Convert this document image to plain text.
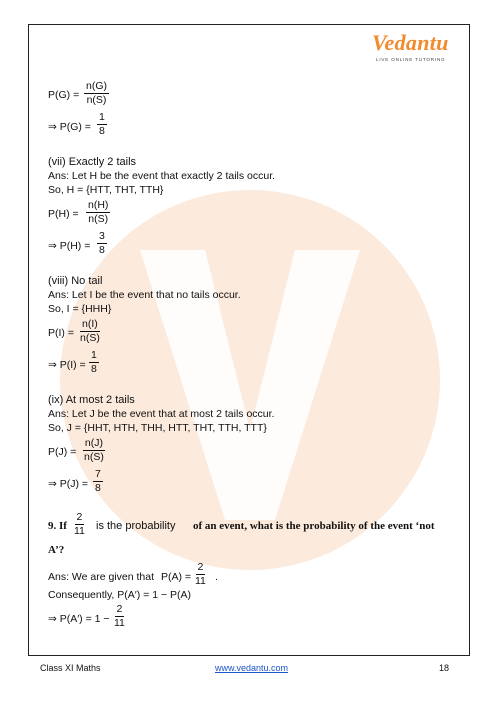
Vedantu
LIVE ONLINE TUTORING
$P(G) = \frac{n(G)}{n(S)}$
⇒ $P(G) = \frac{1}{8}$
(vii) Exactly 2 tails
Ans: Let H be the event that exactly 2 tails occur.
So, H = {HTT, THT, TTH}
$P(H) = \frac{n(H)}{n(S)}$
⇒ $P(H) = \frac{3}{8}$
(viii) No tail
Ans: Let I be the event that no tails occur.
So, I = {HHH}
$P(I) = \frac{n(I)}{n(S)}$
⇒ $P(I) = \frac{1}{8}$
(ix) At most 2 tails
Ans: Let J be the event that at most 2 tails occur.
So, J = {HHT, HTH, THH, HTT, THT, TTH, TTT}
$P(J) = \frac{n(J)}{n(S)}$
⇒ $P(J) = \frac{7}{8}$
9. If $\frac{2}{11}$ is the probability of an event, what is the probability of the event ‘not
A’?
Ans: We are given that $P(A) = \frac{2}{11}$ .
Consequently, P(A′) = 1 − P(A)
⇒ $P(A') = 1 - \frac{2}{11}$
Class XI Maths	www.vedantu.com	18
